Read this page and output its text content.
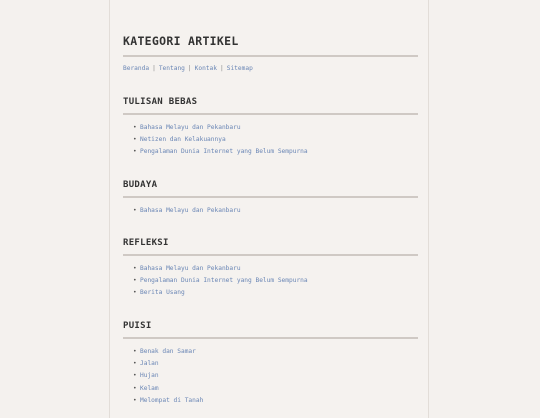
KATEGORI ARTIKEL
Beranda | Tentang | Kontak | Sitemap
TULISAN BEBAS
• Bahasa Melayu dan Pekanbaru
• Netizen dan Kelakuannya
• Pengalaman Dunia Internet yang Belum Sempurna
BUDAYA
• Bahasa Melayu dan Pekanbaru
REFLEKSI
• Bahasa Melayu dan Pekanbaru
• Pengalaman Dunia Internet yang Belum Sempurna
• Berita Usang
PUISI
• Benak dan Samar
• Jalan
• Hujan
• Kelam
• Melompat di Tanah
